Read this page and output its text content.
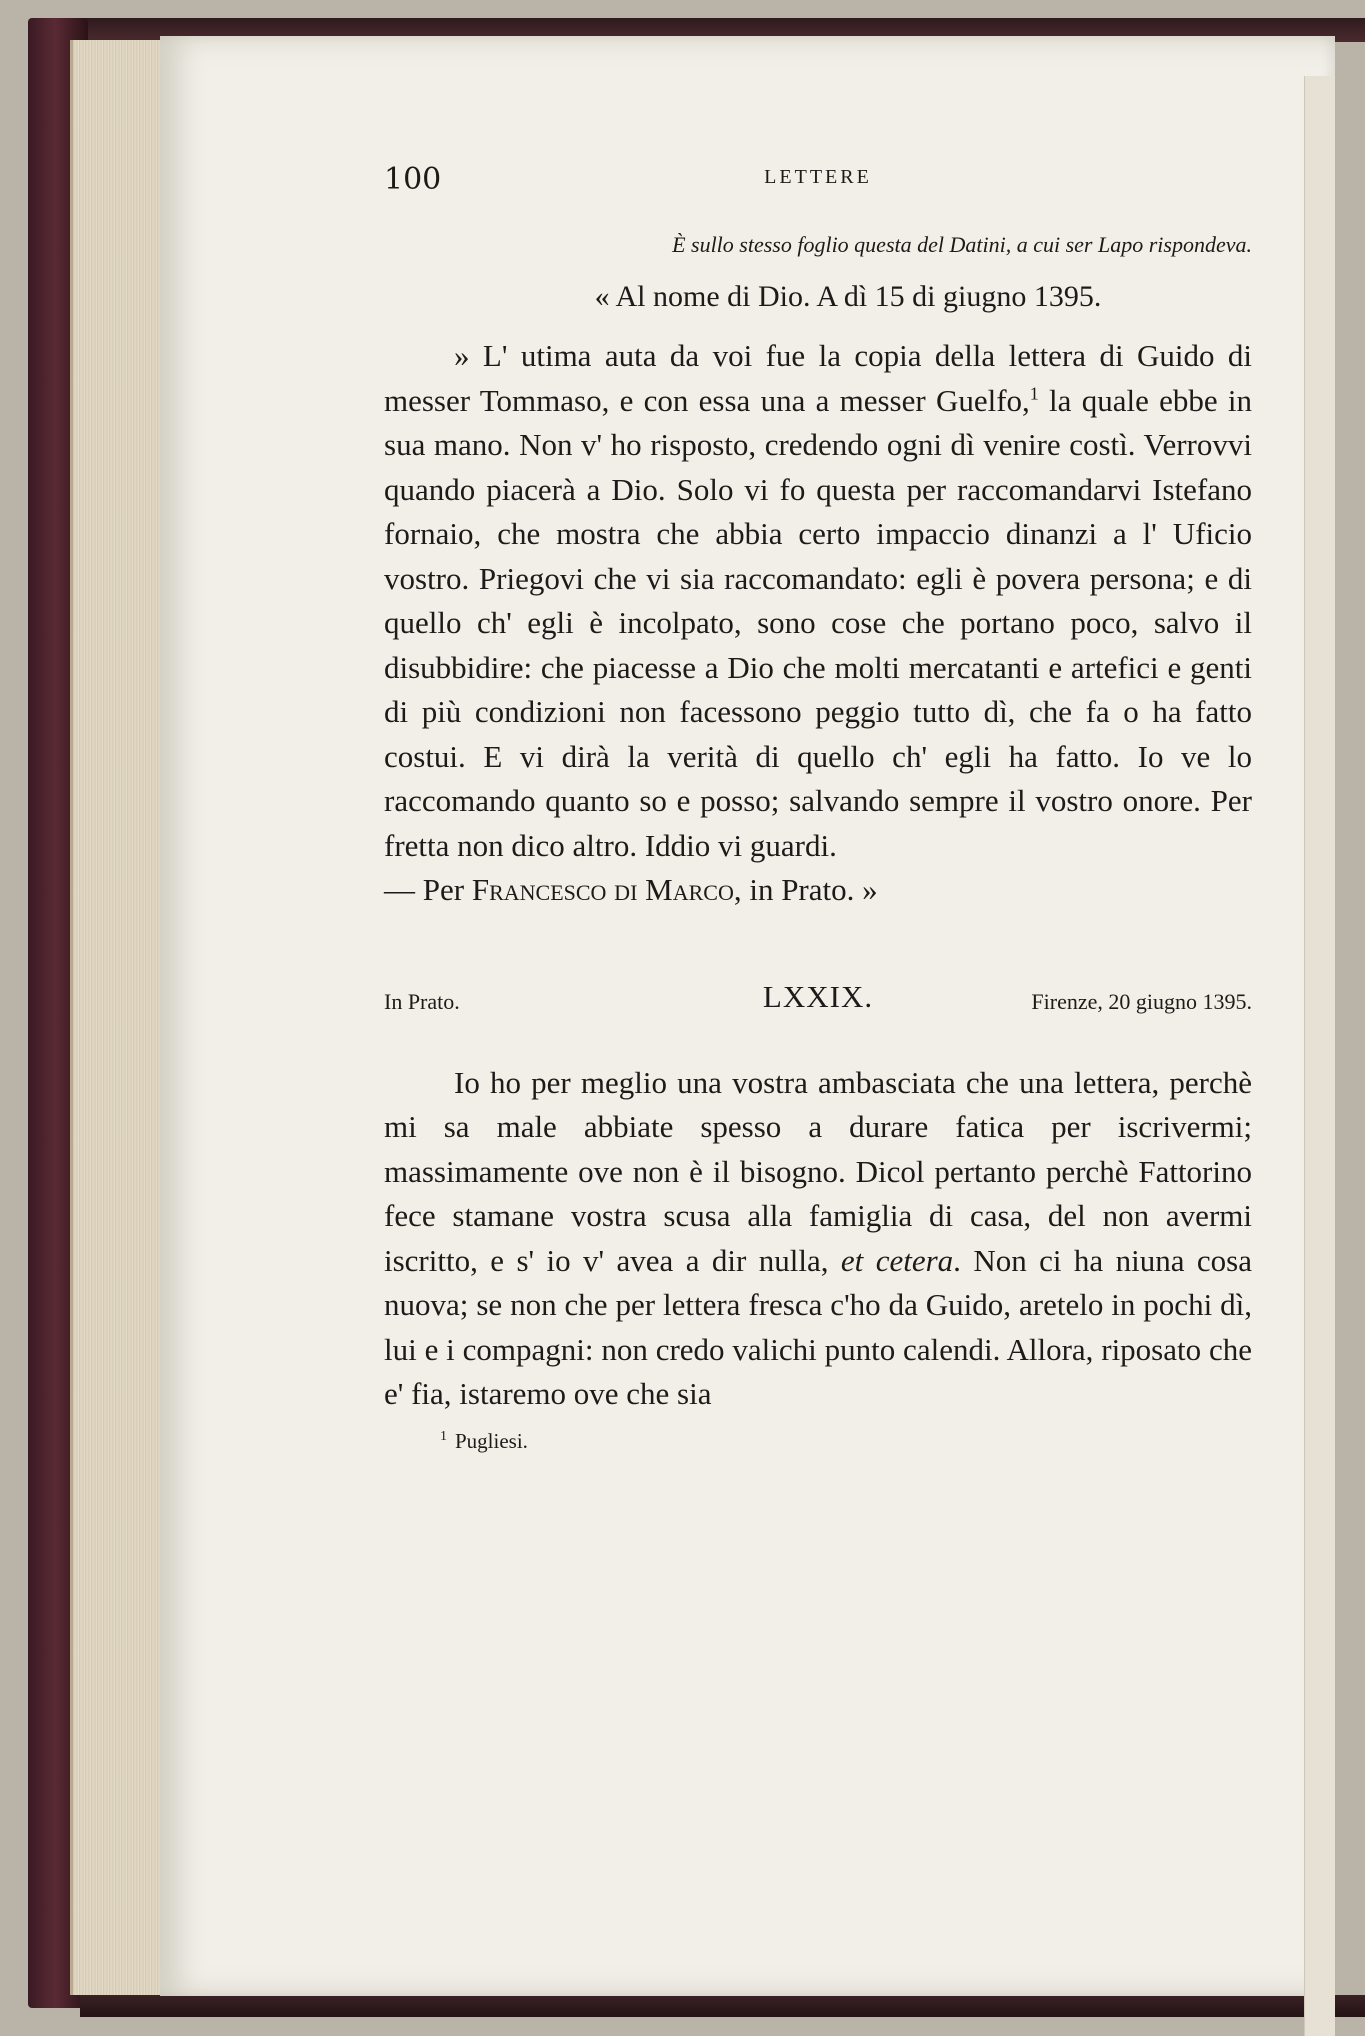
100	LETTERE
È sullo stesso foglio questa del Datini, a cui ser Lapo rispondeva.
« Al nome di Dio. A dì 15 di giugno 1395.

» L' utima auta da voi fue la copia della lettera di Guido di messer Tommaso, e con essa una a messer Guelfo,$^1$ la quale ebbe in sua mano. Non v' ho risposto, credendo ogni dì venire costì. Verrovvi quando piacerà a Dio. Solo vi fo questa per raccomandarvi Istefano fornaio, che mostra che abbia certo impaccio dinanzi a l' Uficio vostro. Priegovi che vi sia raccomandato: egli è povera persona; e di quello ch' egli è incolpato, sono cose che portano poco, salvo il disubbidire: che piacesse a Dio che molti mercatanti e artefici e genti di più condizioni non facessono peggio tutto dì, che fa o ha fatto costui. E vi dirà la verità di quello ch' egli ha fatto. Io ve lo raccomando quanto so e posso; salvando sempre il vostro onore. Per fretta non dico altro. Iddio vi guardi.

— Per Francesco di Marco, in Prato. »

In Prato.	LXXIX.	Firenze, 20 giugno 1395.

Io ho per meglio una vostra ambasciata che una lettera, perchè mi sa male abbiate spesso a durare fatica per iscrivermi; massimamente ove non è il bisogno. Dicol pertanto perchè Fattorino fece stamane vostra scusa alla famiglia di casa, del non avermi iscritto, e s' io v' avea a dir nulla, et cetera. Non ci ha niuna cosa nuova; se non che per lettera fresca c'ho da Guido, aretelo in pochi dì, lui e i compagni: non credo valichi punto calendi. Allora, riposato che e' fia, istaremo ove che sia

$^1$ Pugliesi.
